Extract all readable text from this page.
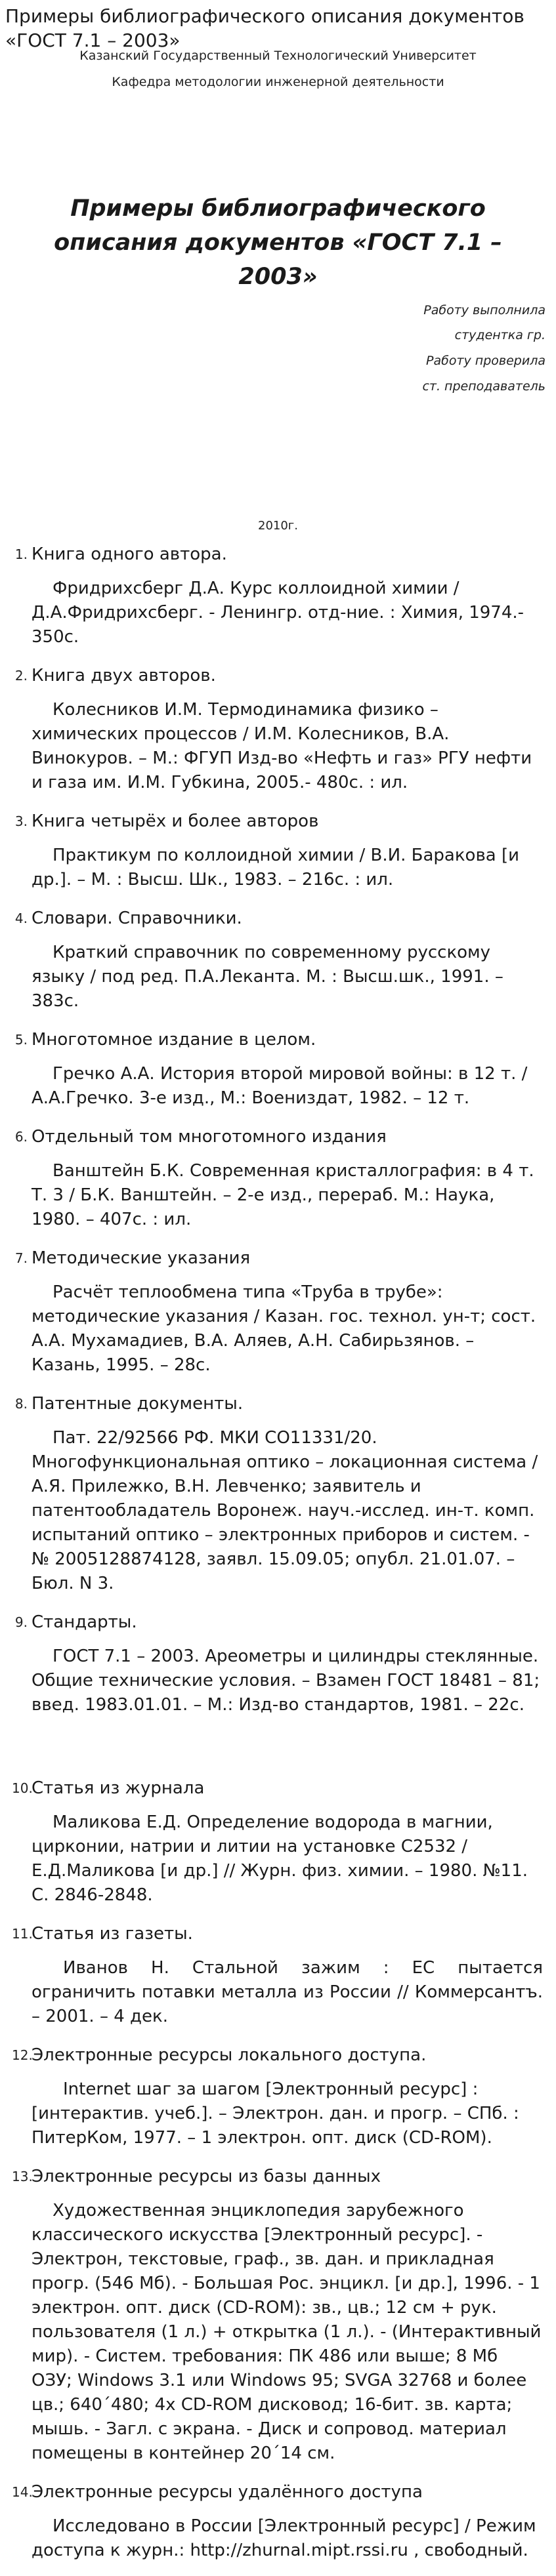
Примеры библиографического описания документов «ГОСТ 7.1 – 2003»
Казанский Государственный Технологический Университет
Кафедра методологии инженерной деятельности
Примеры библиографического описания документов «ГОСТ 7.1 – 2003»
Работу выполнила
студентка гр.
Работу проверила
ст. преподаватель
2010г.
1. Книга одного автора.
Фридрихсберг Д.А. Курс коллоидной химии / Д.А.Фридрихсберг. - Ленингр. отд-ние. : Химия, 1974.- 350с.
2. Книга двух авторов.
Колесников И.М. Термодинамика физико – химических процессов / И.М. Колесников, В.А. Винокуров. – М.: ФГУП Изд-во «Нефть и газ» РГУ нефти и газа им. И.М. Губкина, 2005.- 480с. : ил.
3. Книга четырёх и более авторов
Практикум по коллоидной химии / В.И. Баракова [и др.]. – М. : Высш. Шк., 1983. – 216с. : ил.
4. Словари. Справочники.
Краткий справочник по современному русскому языку / под ред. П.А.Леканта. М. : Высш.шк., 1991. – 383с.
5. Многотомное издание в целом.
Гречко А.А. История второй мировой войны: в 12 т. / А.А.Гречко. 3-е изд., М.: Воениздат, 1982. – 12 т.
6. Отдельный том многотомного издания
Ванштейн Б.К. Современная кристаллография: в 4 т. Т. 3 / Б.К. Ванштейн. – 2-е изд., перераб. М.: Наука, 1980. – 407с. : ил.
7. Методические указания
Расчёт теплообмена типа «Труба в трубе»: методические указания / Казан. гос. технол. ун-т; сост. А.А. Мухамадиев, В.А. Аляев, А.Н. Сабирьзянов. – Казань, 1995. – 28с.
8. Патентные документы.
Пат. 22/92566 РФ. МКИ СО11331/20. Многофункциональная оптико – локационная система / А.Я. Прилежко, В.Н. Левченко; заявитель и патентообладатель Воронеж. науч.-исслед. ин-т. комп. испытаний оптико – электронных приборов и систем. - № 2005128874128, заявл. 15.09.05; опубл. 21.01.07. – Бюл. N 3.
9. Стандарты.
ГОСТ 7.1 – 2003. Ареометры и цилиндры стеклянные. Общие технические условия. – Взамен ГОСТ 18481 – 81; введ. 1983.01.01. – М.: Изд-во стандартов, 1981. – 22с.
10.
Статья из журнала
Маликова Е.Д. Определение водорода в магнии, цирконии, натрии и литии на установке С2532 / Е.Д.Маликова [и др.] // Журн. физ. химии. – 1980. №11. С. 2846-2848.
11.
Статья из газеты.
Иванов Н. Стальной зажим : ЕС пытается ограничить потавки металла из России // Коммерсантъ. – 2001. – 4 дек.
12.
Электронные ресурсы локального доступа.
Internet шаг за шагом [Электронный ресурс] : [интерактив. учеб.]. – Электрон. дан. и прогр. – СПб. : ПитерКом, 1977. – 1 электрон. опт. диск (CD-ROM).
13.
Электронные ресурсы из базы данных
Художественная энциклопедия зарубежного классического искусства [Электронный ресурс]. - Электрон, текстовые, граф., зв. дан. и прикладная прогр. (546 Мб). - Большая Рос. энцикл. [и др.], 1996. - 1 электрон. опт. диск (CD-ROM): зв., цв.; 12 см + рук. пользователя (1 л.) + открытка (1 л.). - (Интерактивный мир). - Систем. требования: ПК 486 или выше; 8 Мб ОЗУ; Windows 3.1 или Windows 95; SVGA 32768 и более цв.; 640´480; 4х CD-ROM дисковод; 16-бит. зв. карта; мышь. - Загл. с экрана. - Диск и сопровод. материал помещены в контейнер 20´14 см.
14.
Электронные ресурсы удалённого доступа
Исследовано в России [Электронный ресурс] / Режим доступа к журн.: http://zhurnal.mipt.rssi.ru , свободный.
